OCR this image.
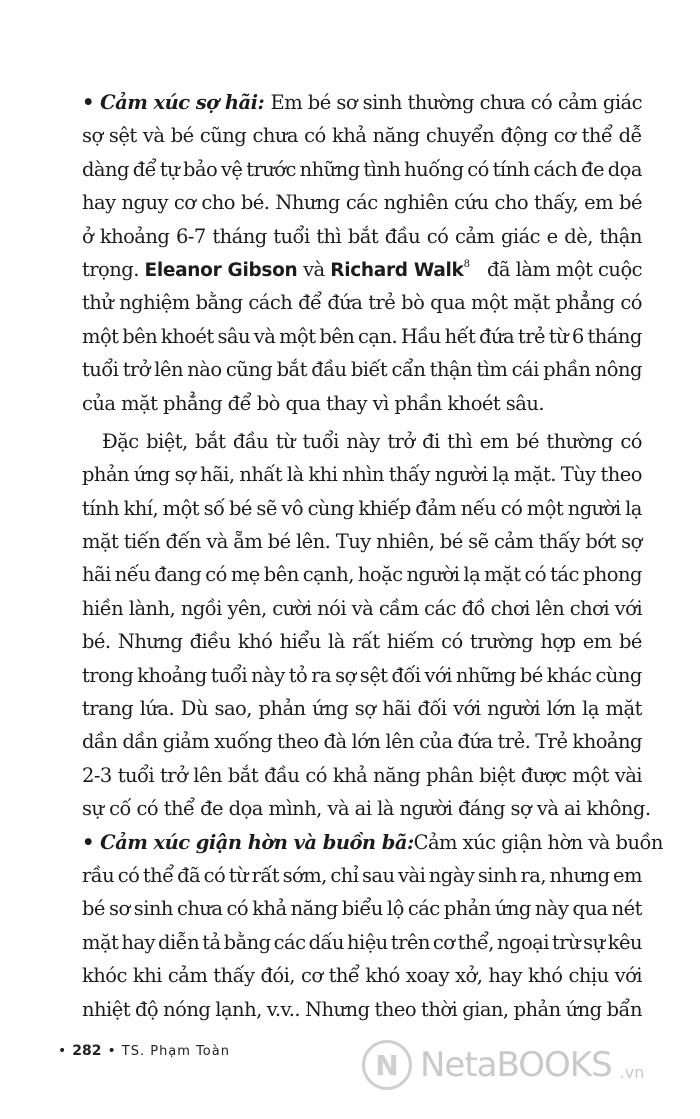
• Cảm xúc sợ hãi: Em bé sơ sinh thường chưa có cảm giác
sợ sệt và bé cũng chưa có khả năng chuyển động cơ thể dễ
dàng để tự bảo vệ trước những tình huống có tính cách đe dọa
hay nguy cơ cho bé. Nhưng các nghiên cứu cho thấy, em bé
ở khoảng 6-7 tháng tuổi thì bắt đầu có cảm giác e dè, thận
trọng. Eleanor Gibson và Richard Walk$^8$ đã làm một cuộc
thử nghiệm bằng cách để đứa trẻ bò qua một mặt phẳng có
một bên khoét sâu và một bên cạn. Hầu hết đứa trẻ từ 6 tháng
tuổi trở lên nào cũng bắt đầu biết cẩn thận tìm cái phần nông
của mặt phẳng để bò qua thay vì phần khoét sâu.
Đặc biệt, bắt đầu từ tuổi này trở đi thì em bé thường có
phản ứng sợ hãi, nhất là khi nhìn thấy người lạ mặt. Tùy theo
tính khí, một số bé sẽ vô cùng khiếp đảm nếu có một người lạ
mặt tiến đến và ẵm bé lên. Tuy nhiên, bé sẽ cảm thấy bớt sợ
hãi nếu đang có mẹ bên cạnh, hoặc người lạ mặt có tác phong
hiền lành, ngồi yên, cười nói và cầm các đồ chơi lên chơi với
bé. Nhưng điều khó hiểu là rất hiếm có trường hợp em bé
trong khoảng tuổi này tỏ ra sợ sệt đối với những bé khác cùng
trang lứa. Dù sao, phản ứng sợ hãi đối với người lớn lạ mặt
dần dần giảm xuống theo đà lớn lên của đứa trẻ. Trẻ khoảng
2-3 tuổi trở lên bắt đầu có khả năng phân biệt được một vài
sự cố có thể đe dọa mình, và ai là người đáng sợ và ai không.
• Cảm xúc giận hờn và buồn bã: Cảm xúc giận hờn và buồn
rầu có thể đã có từ rất sớm, chỉ sau vài ngày sinh ra, nhưng em
bé sơ sinh chưa có khả năng biểu lộ các phản ứng này qua nét
mặt hay diễn tả bằng các dấu hiệu trên cơ thể, ngoại trừ sự kêu
khóc khi cảm thấy đói, cơ thể khó xoay xở, hay khó chịu với
nhiệt độ nóng lạnh, v.v.. Nhưng theo thời gian, phản ứng bẩn
• 282 • TS. Phạm Toàn	N NetaBOOKS .vn
